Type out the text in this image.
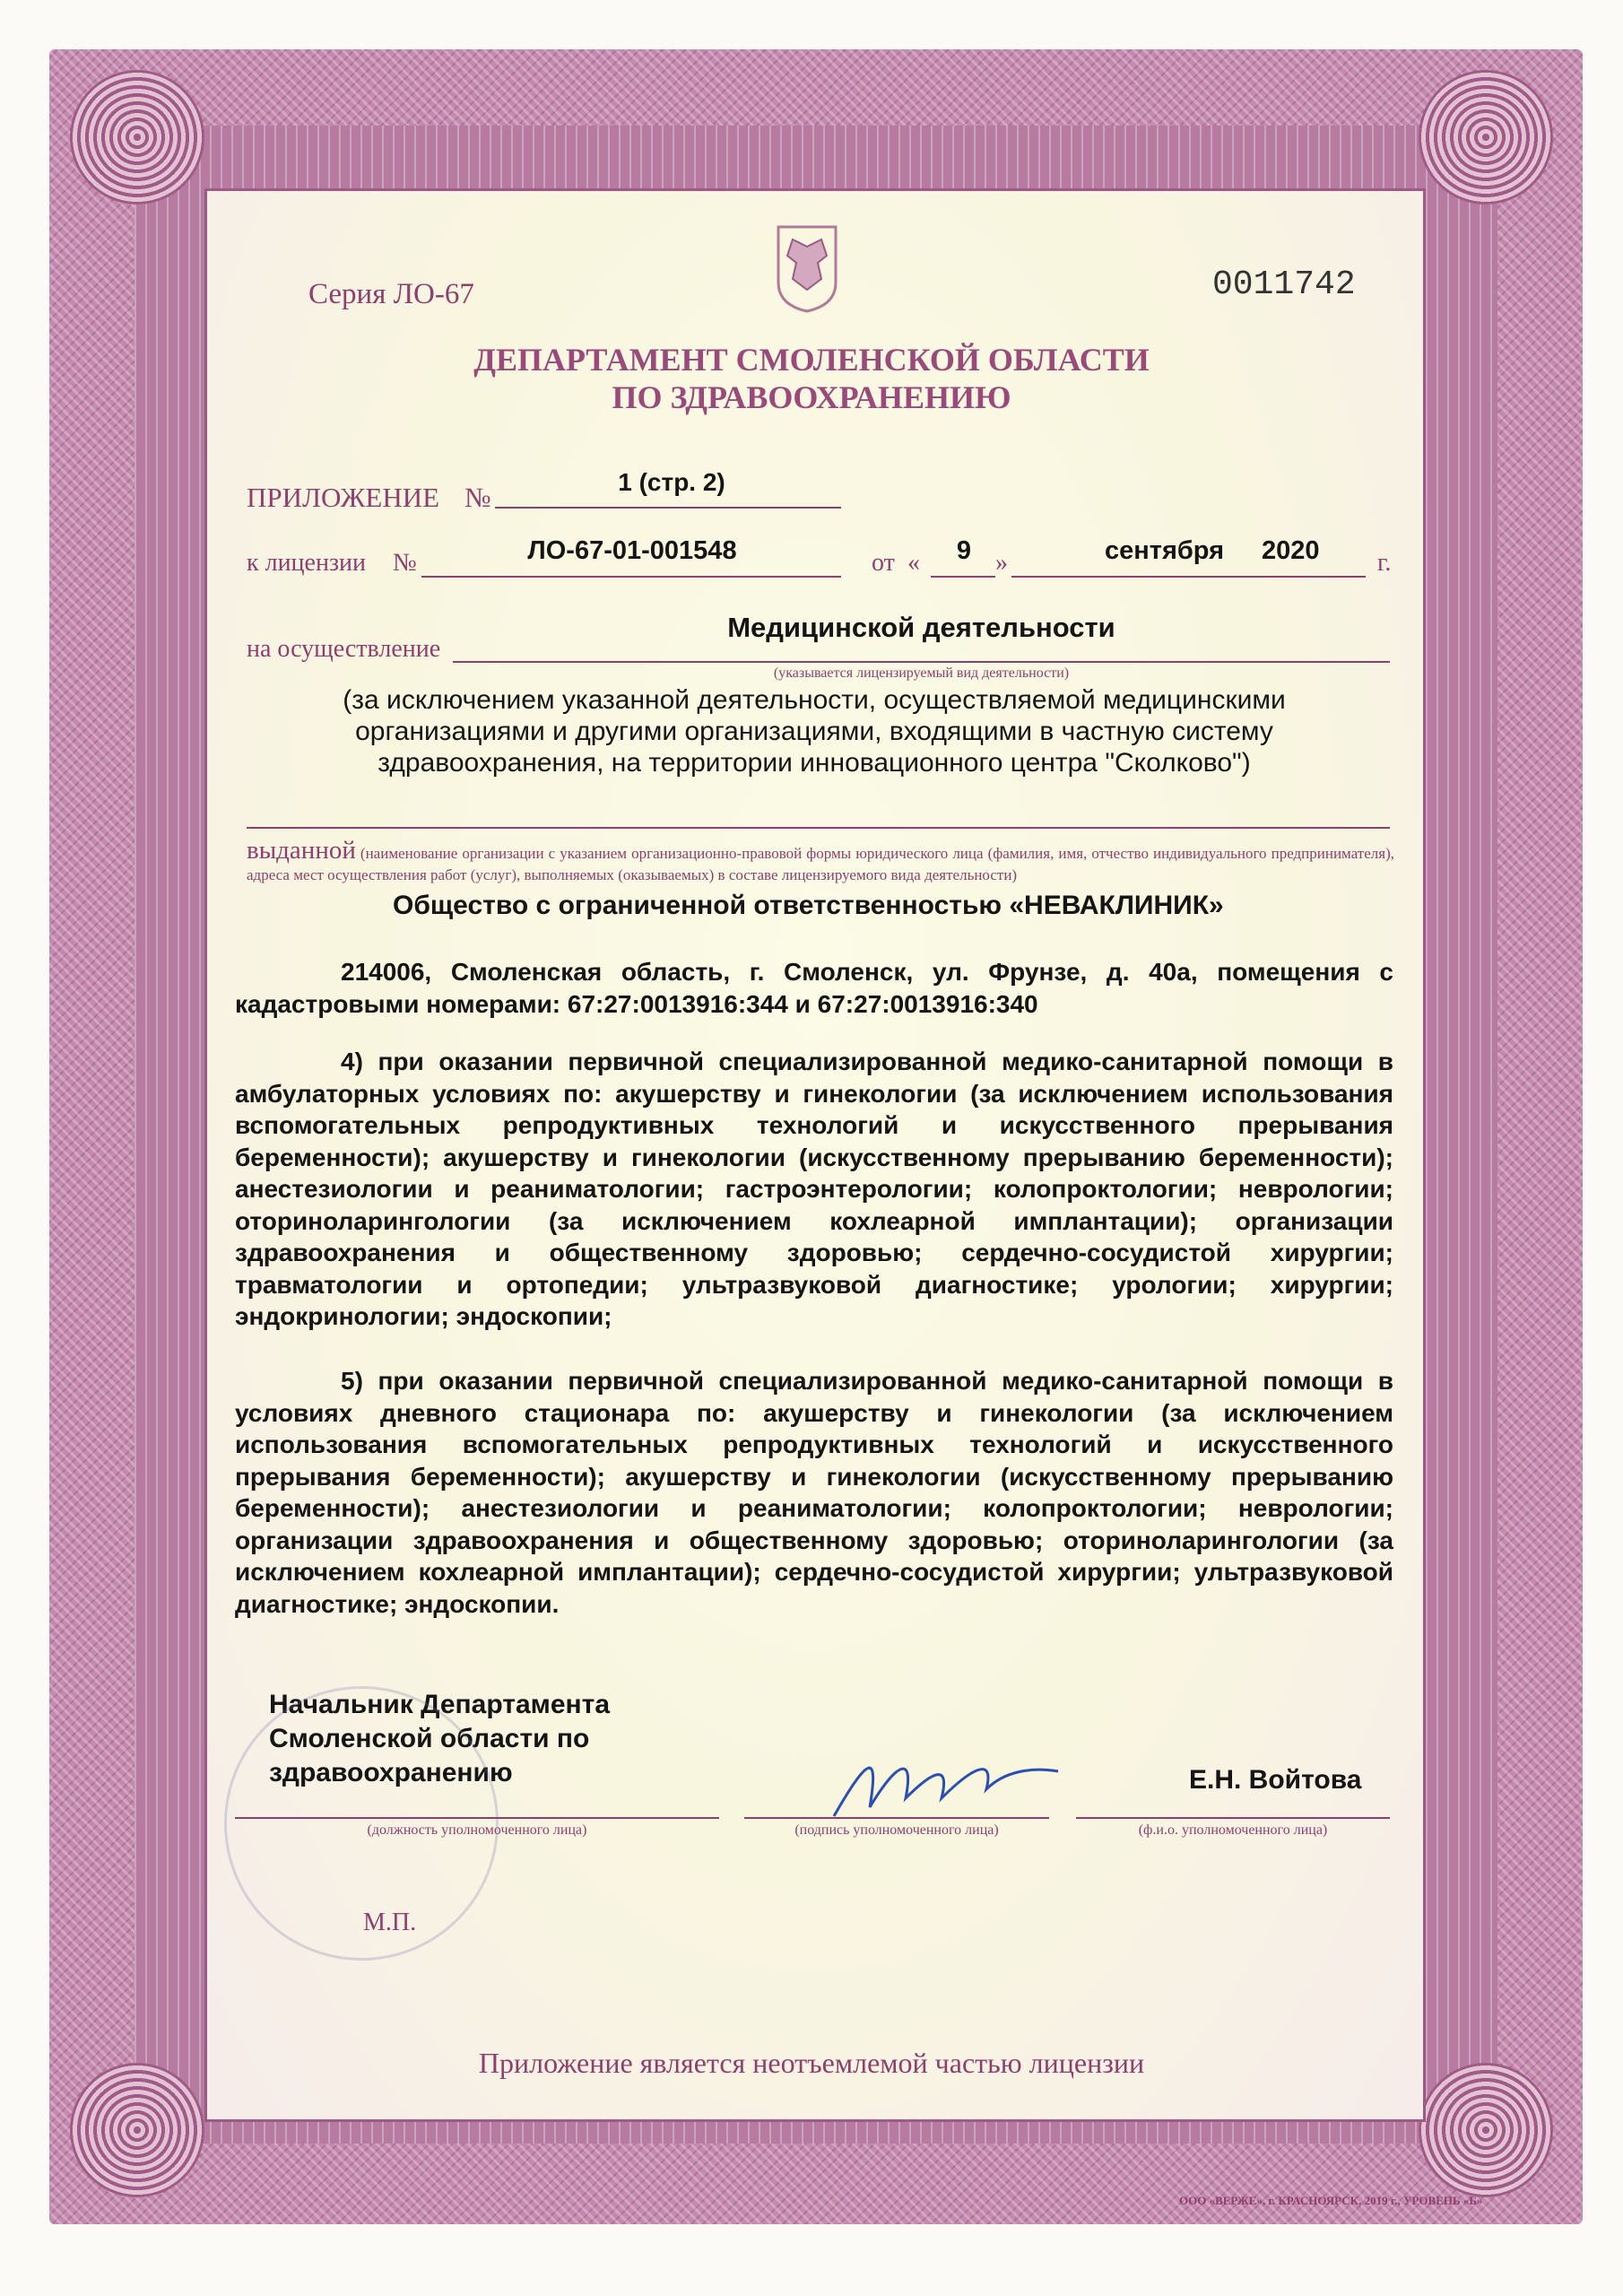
Серия ЛО-67	0011742
ДЕПАРТАМЕНТ СМОЛЕНСКОЙ ОБЛАСТИ
ПО ЗДРАВООХРАНЕНИЮ
ПРИЛОЖЕНИЕ №	1 (стр. 2)
к лицензии №	ЛО-67-01-001548	от «	9 »	сентября 2020 г.
на осуществление
Медицинской деятельности
(указывается лицензируемый вид деятельности)
(за исключением указанной деятельности, осуществляемой медицинскими
организациями и другими организациями, входящими в частную систему
здравоохранения, на территории инновационного центра "Сколково")
выданной (наименование организации с указанием организационно-правовой формы юридического лица (фамилия, имя, отчество индивидуального предпринимателя), адреса мест осуществления работ (услуг), выполняемых (оказываемых) в составе лицензируемого вида деятельности)
Общество с ограниченной ответственностью «НЕВАКЛИНИК»
214006, Смоленская область, г. Смоленск, ул. Фрунзе, д. 40а, помещения с кадастровыми номерами: 67:27:0013916:344 и 67:27:0013916:340
4) при оказании первичной специализированной медико-санитарной помощи в амбулаторных условиях по: акушерству и гинекологии (за исключением использования вспомогательных репродуктивных технологий и искусственного прерывания беременности); акушерству и гинекологии (искусственному прерыванию беременности); анестезиологии и реаниматологии; гастроэнтерологии; колопроктологии; неврологии; оториноларингологии (за исключением кохлеарной имплантации); организации здравоохранения и общественному здоровью; сердечно-сосудистой хирургии; травматологии и ортопедии; ультразвуковой диагностике; урологии; хирургии; эндокринологии; эндоскопии;
5) при оказании первичной специализированной медико-санитарной помощи в условиях дневного стационара по: акушерству и гинекологии (за исключением использования вспомогательных репродуктивных технологий и искусственного прерывания беременности); акушерству и гинекологии (искусственному прерыванию беременности); анестезиологии и реаниматологии; колопроктологии; неврологии; организации здравоохранения и общественному здоровью; оториноларингологии (за исключением кохлеарной имплантации); сердечно-сосудистой хирургии; ультразвуковой диагностике; эндоскопии.
Начальник Департамента
Смоленской области по
здравоохранению	Е.Н. Войтова
(должность уполномоченного лица)	(подпись уполномоченного лица)	(ф.и.о. уполномоченного лица)
М.П.
Приложение является неотъемлемой частью лицензии
ООО «ВЕРЖЕ», г. КРАСНОЯРСК, 2019 г., УРОВЕНЬ «Б»
